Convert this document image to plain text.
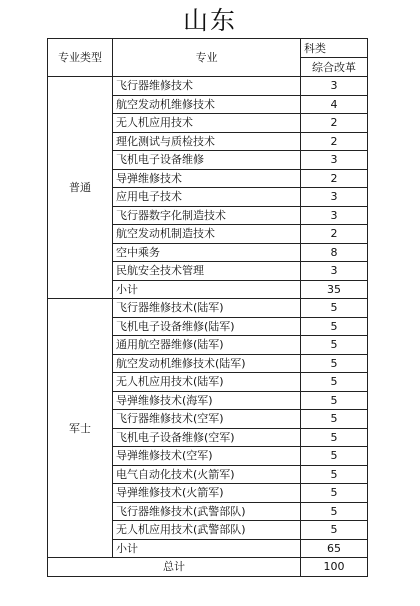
山东
专业类型	专业	科类
		综合改革
普通	飞行器维修技术	3
	航空发动机维修技术	4
	无人机应用技术	2
	理化测试与质检技术	2
	飞机电子设备维修	3
	导弹维修技术	2
	应用电子技术	3
	飞行器数字化制造技术	3
	航空发动机制造技术	2
	空中乘务	8
	民航安全技术管理	3
	小计	35
军士	飞行器维修技术(陆军)	5
	飞机电子设备维修(陆军)	5
	通用航空器维修(陆军)	5
	航空发动机维修技术(陆军)	5
	无人机应用技术(陆军)	5
	导弹维修技术(海军)	5
	飞行器维修技术(空军)	5
	飞机电子设备维修(空军)	5
	导弹维修技术(空军)	5
	电气自动化技术(火箭军)	5
	导弹维修技术(火箭军)	5
	飞行器维修技术(武警部队)	5
	无人机应用技术(武警部队)	5
	小计	65
总计		100
